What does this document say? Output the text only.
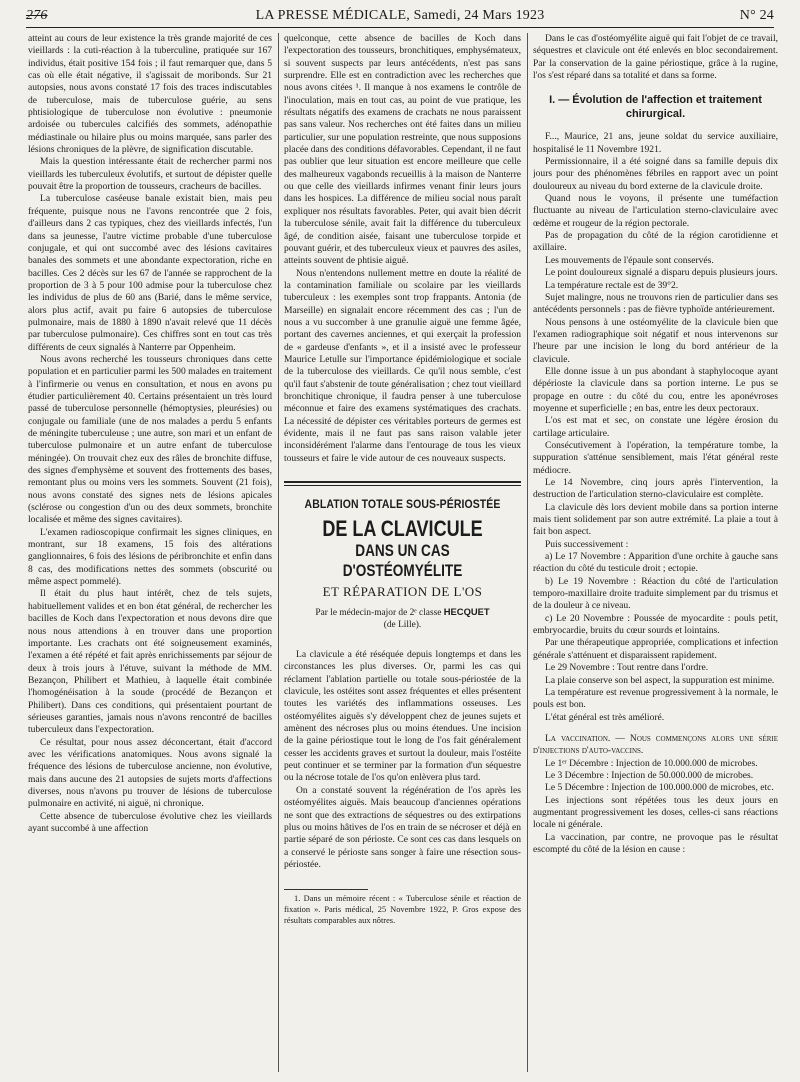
276	LA PRESSE MÉDICALE, Samedi, 24 Mars 1923	N° 24

atteint au cours de leur existence la très grande majorité de ces vieillards : la cuti-réaction à la tuberculine, pratiquée sur 167 individus, était positive 154 fois ; il faut remarquer que, dans 5 cas où elle était négative, il s'agissait de moribonds. Sur 21 autopsies, nous avons constaté 17 fois des traces indiscutables de tuberculose, mais de tuberculose guérie, au sens phtisiologique de tuberculose non évolutive : pneumonie ardoisée ou tubercules calcifiés des sommets, adénopathie médiastinale ou hilaire plus ou moins marquée, sans parler des lésions chroniques de la plèvre, de signification discutable.

Mais la question intéressante était de rechercher parmi nos vieillards les tuberculeux évolutifs, et surtout de dépister quelle pouvait être la proportion de tousseurs, cracheurs de bacilles.

La tuberculose caséeuse banale existait bien, mais peu fréquente, puisque nous ne l'avons rencontrée que 2 fois, d'ailleurs dans 2 cas typiques, chez des vieillards infectés, l'un dans sa jeunesse, l'autre victime probable d'une tuberculose conjugale, et qui ont succombé avec des lésions cavitaires banales des sommets et une abondante expectoration, riche en bacilles. Ces 2 décès sur les 67 de l'année se rapprochent de la proportion de 3 à 5 pour 100 admise pour la tuberculose chez les individus de plus de 60 ans (Barié, dans le même service, alors plus actif, avait pu faire 6 autopsies de tuberculose pulmonaire, mais de 1880 à 1890 n'avait relevé que 11 décès par tuberculose pulmonaire). Ces chiffres sont en tout cas très différents de ceux signalés à Nanterre par Oppenheim.

Nous avons recherché les tousseurs chroniques dans cette population et en particulier parmi les 500 malades en traitement à l'infirmerie ou venus en consultation, et nous en avons pu étudier particulièrement 40. Certains présentaient un très lourd passé de tuberculose personnelle (hémoptysies, pleurésies) ou conjugale ou familiale (une de nos malades a perdu 5 enfants de méningite tuberculeuse ; une autre, son mari et un enfant de tuberculose pulmonaire et un autre enfant de tuberculose méningée). On trouvait chez eux des râles de bronchite diffuse, des signes d'emphysème et souvent des frottements des bases, remontant plus ou moins vers les sommets. Souvent (21 fois), nous avons constaté des signes nets de lésions apicales (sclérose ou congestion d'un ou des deux sommets, bronchite localisée et même des signes cavitaires).

L'examen radioscopique confirmait les signes cliniques, en montrant, sur 18 examens, 15 fois des altérations ganglionnaires, 6 fois des lésions de péribronchite et enfin dans 8 cas, des modifications nettes des sommets (obscurité ou même aspect pommelé).

Il était du plus haut intérêt, chez de tels sujets, habituellement valides et en bon état général, de rechercher les bacilles de Koch dans l'expectoration et nous devons dire que nous nous attendions à en trouver dans une proportion importante. Les crachats ont été soigneusement examinés, l'examen a été répété et fait après enrichissements par séjour de deux à trois jours à l'étuve, suivant la méthode de MM. Bezançon, Philibert et Mathieu, à laquelle était combinée l'homogénéisation à la soude (procédé de Bezançon et Philibert). Dans ces conditions, qui présentaient pourtant de sérieuses garanties, jamais nous n'avons rencontré de bacilles tuberculeux dans l'expectoration.

Ce résultat, pour nous assez déconcertant, était d'accord avec les vérifications anatomiques. Nous avons signalé la fréquence des lésions de tuberculose ancienne, non évolutive, mais dans aucune des 21 autopsies de sujets morts d'affections diverses, nous n'avons pu trouver de lésions de tuberculose pulmonaire en activité, ni aiguë, ni chronique.

Cette absence de tuberculose évolutive chez les vieillards ayant succombé à une affection

quelconque, cette absence de bacilles de Koch dans l'expectoration des tousseurs, bronchitiques, emphysémateux, si souvent suspects par leurs antécédents, n'est pas sans surprendre. Elle est en contradiction avec les recherches que nous avons citées ¹. Il manque à nos examens le contrôle de l'inoculation, mais en tout cas, au point de vue pratique, les résultats négatifs des examens de crachats ne nous paraissent pas sans valeur. Nos recherches ont été faites dans un milieu particulier, sur une population restreinte, que nous supposions placée dans des conditions défavorables. Cependant, il ne faut pas oublier que leur situation est encore meilleure que celle des malheureux vagabonds recueillis à la maison de Nanterre ou que celle des vieillards infirmes venant finir leurs jours dans les hospices. La différence de milieu social nous paraît expliquer nos résultats favorables. Peter, qui avait bien décrit la tuberculose sénile, avait fait la différence du tuberculeux âgé, de condition aisée, faisant une tuberculose torpide et pouvant guérir, et des tuberculeux vieux et pauvres des asiles, atteints souvent de phtisie aiguë.

Nous n'entendons nullement mettre en doute la réalité de la contamination familiale ou scolaire par les vieillards tuberculeux : les exemples sont trop frappants. Antonia (de Marseille) en signalait encore récemment des cas ; l'un de nous a vu succomber à une granulie aiguë une femme âgée, portant des cavernes anciennes, et qui exerçait la profession de « gardeuse d'enfants », et il a insisté avec le professeur Maurice Letulle sur l'importance épidémiologique et sociale de la tuberculose des vieillards. Ce qu'il nous semble, c'est qu'il faut s'abstenir de toute généralisation ; chez tout vieillard bronchitique chronique, il faudra penser à une tuberculose méconnue et faire des examens systématiques des crachats. La nécessité de dépister ces véritables porteurs de germes est évidente, mais il ne faut pas sans raison valable jeter inconsidérément l'alarme dans l'entourage de tous les vieux tousseurs et faire le vide autour de ces nouveaux suspects.

ABLATION TOTALE SOUS-PÉRIOSTÉE
DE LA CLAVICULE
DANS UN CAS D'OSTÉOMYÉLITE
ET RÉPARATION DE L'OS
Par le médecin-major de 2ᵉ classe HECQUET
(de Lille).

La clavicule a été réséquée depuis longtemps et dans les circonstances les plus diverses. Or, parmi les cas qui réclament l'ablation partielle ou totale sous-périostée de la clavicule, les ostéites sont assez fréquentes et elles présentent toutes les variétés des inflammations osseuses. Les ostéomyélites aiguës s'y développent chez de jeunes sujets et amènent des nécroses plus ou moins étendues. Une incision de la gaine périostique tout le long de l'os fait généralement cesser les accidents graves et surtout la douleur, mais l'ostéite peut continuer et se terminer par la formation d'un séquestre ou la nécrose totale de l'os qu'on enlèvera plus tard.

On a constaté souvent la régénération de l'os après les ostéomyélites aiguës. Mais beaucoup d'anciennes opérations ne sont que des extractions de séquestres ou des extirpations plus ou moins hâtives de l'os en train de se nécroser et déjà en partie séparé de son périoste. Ce sont ces cas dans lesquels on a conservé le périoste sans songer à faire une résection sous-périostée.

1. Dans un mémoire récent : « Tuberculose sénile et réaction de fixation ». Paris médical, 25 Novembre 1922, P. Gros expose des résultats comparables aux nôtres.

Dans le cas d'ostéomyélite aiguë qui fait l'objet de ce travail, séquestres et clavicule ont été enlevés en bloc secondairement. Par la conservation de la gaine périostique, grâce à la rugine, l'os s'est réparé dans sa totalité et dans sa forme.

I. — Évolution de l'affection et traitement chirurgical.

F..., Maurice, 21 ans, jeune soldat du service auxiliaire, hospitalisé le 11 Novembre 1921.

Permissionnaire, il a été soigné dans sa famille depuis dix jours pour des phénomènes fébriles en rapport avec un point douloureux au niveau du bord externe de la clavicule droite.

Quand nous le voyons, il présente une tuméfaction fluctuante au niveau de l'articulation sterno-claviculaire avec œdème et rougeur de la région pectorale.

Pas de propagation du côté de la région carotidienne et axillaire.

Les mouvements de l'épaule sont conservés.

Le point douloureux signalé a disparu depuis plusieurs jours.

La température rectale est de 39°2.

Sujet malingre, nous ne trouvons rien de particulier dans ses antécédents personnels : pas de fièvre typhoïde antérieurement.

Nous pensons à une ostéomyélite de la clavicule bien que l'examen radiographique soit négatif et nous intervenons sur l'heure par une incision le long du bord antérieur de la clavicule.

Elle donne issue à un pus abondant à staphylocoque ayant dépérioste la clavicule dans sa portion interne. Le pus se propage en outre : du côté du cou, entre les aponévroses moyenne et superficielle ; en bas, entre les deux pectoraux.

L'os est mat et sec, on constate une légère érosion du cartilage articulaire.

Consécutivement à l'opération, la température tombe, la suppuration s'atténue sensiblement, mais l'état général reste médiocre.

Le 14 Novembre, cinq jours après l'intervention, la destruction de l'articulation sterno-claviculaire est complète.

La clavicule dès lors devient mobile dans sa portion interne mais tient solidement par son autre extrémité. La plaie a tout à fait bon aspect.

Puis successivement :

a) Le 17 Novembre : Apparition d'une orchite à gauche sans réaction du côté du testicule droit ; ectopie.

b) Le 19 Novembre : Réaction du côté de l'articulation temporo-maxillaire droite traduite simplement par du trismus et de la douleur à ce niveau.

c) Le 20 Novembre : Poussée de myocardite : pouls petit, embryocardie, bruits du cœur sourds et lointains.

Par une thérapeutique appropriée, complications et infection générale s'atténuent et disparaissent rapidement.

Le 29 Novembre : Tout rentre dans l'ordre.

La plaie conserve son bel aspect, la suppuration est minime.

La température est revenue progressivement à la normale, le pouls est bon.

L'état général est très amélioré.

La vaccination. — Nous commençons alors une série d'injections d'auto-vaccins.

Le 1ᵉʳ Décembre : Injection de 10.000.000 de microbes.

Le 3 Décembre : Injection de 50.000.000 de microbes.

Le 5 Décembre : Injection de 100.000.000 de microbes, etc.

Les injections sont répétées tous les deux jours en augmentant progressivement les doses, celles-ci sans réactions locale ni générale.

La vaccination, par contre, ne provoque pas le résultat escompté du côté de la lésion en cause :
